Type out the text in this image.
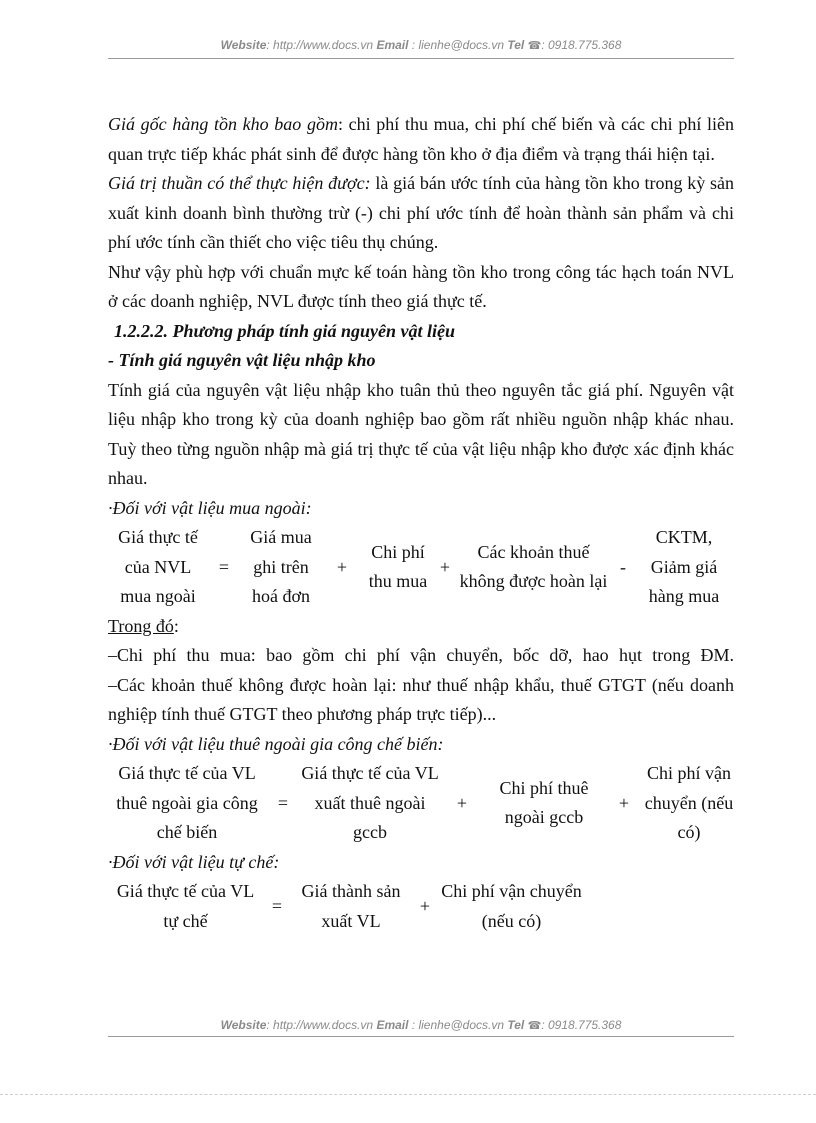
Website: http://www.docs.vn Email : lienhe@docs.vn Tel ☎: 0918.775.368

Giá gốc hàng tồn kho bao gồm: chi phí thu mua, chi phí chế biến và các chi phí liên quan trực tiếp khác phát sinh để được hàng tồn kho ở địa điểm và trạng thái hiện tại.

Giá trị thuần có thể thực hiện được: là giá bán ước tính của hàng tồn kho trong kỳ sản xuất kinh doanh bình thường trừ (-) chi phí ước tính để hoàn thành sản phẩm và chi phí ước tính cần thiết cho việc tiêu thụ chúng.

Như vậy phù hợp với chuẩn mực kế toán hàng tồn kho trong công tác hạch toán NVL ở các doanh nghiệp, NVL được tính theo giá thực tế.

1.2.2.2. Phương pháp tính giá nguyên vật liệu

- Tính giá nguyên vật liệu nhập kho

Tính giá của nguyên vật liệu nhập kho tuân thủ theo nguyên tắc giá phí. Nguyên vật liệu nhập kho trong kỳ của doanh nghiệp bao gồm rất nhiều nguồn nhập khác nhau. Tuỳ theo từng nguồn nhập mà giá trị thực tế của vật liệu nhập kho được xác định khác nhau.

·Đối với vật liệu mua ngoài:

Giá thực tế của NVL mua ngoài
=
Giá mua ghi trên hoá đơn
+
Chi phí thu mua
+
Các khoản thuế không được hoàn lại
-
CKTM, Giảm giá hàng mua

Trong đó:

–Chi phí thu mua: bao gồm chi phí vận chuyển, bốc dỡ, hao hụt trong ĐM.

–Các khoản thuế không được hoàn lại: như thuế nhập khẩu, thuế GTGT (nếu doanh nghiệp tính thuế GTGT theo phương pháp trực tiếp)...

·Đối với vật liệu thuê ngoài gia công chế biến:

Giá thực tế của VL thuê ngoài gia công chế biến
=
Giá thực tế của VL xuất thuê ngoài gccb
+
Chi phí thuê ngoài gccb
+
Chi phí vận chuyển (nếu có)

·Đối với vật liệu tự chế:

Giá thực tế của VL tự chế
=
Giá thành sản xuất VL
+
Chi phí vận chuyển (nếu có)
Website: http://www.docs.vn Email : lienhe@docs.vn Tel ☎: 0918.775.368
